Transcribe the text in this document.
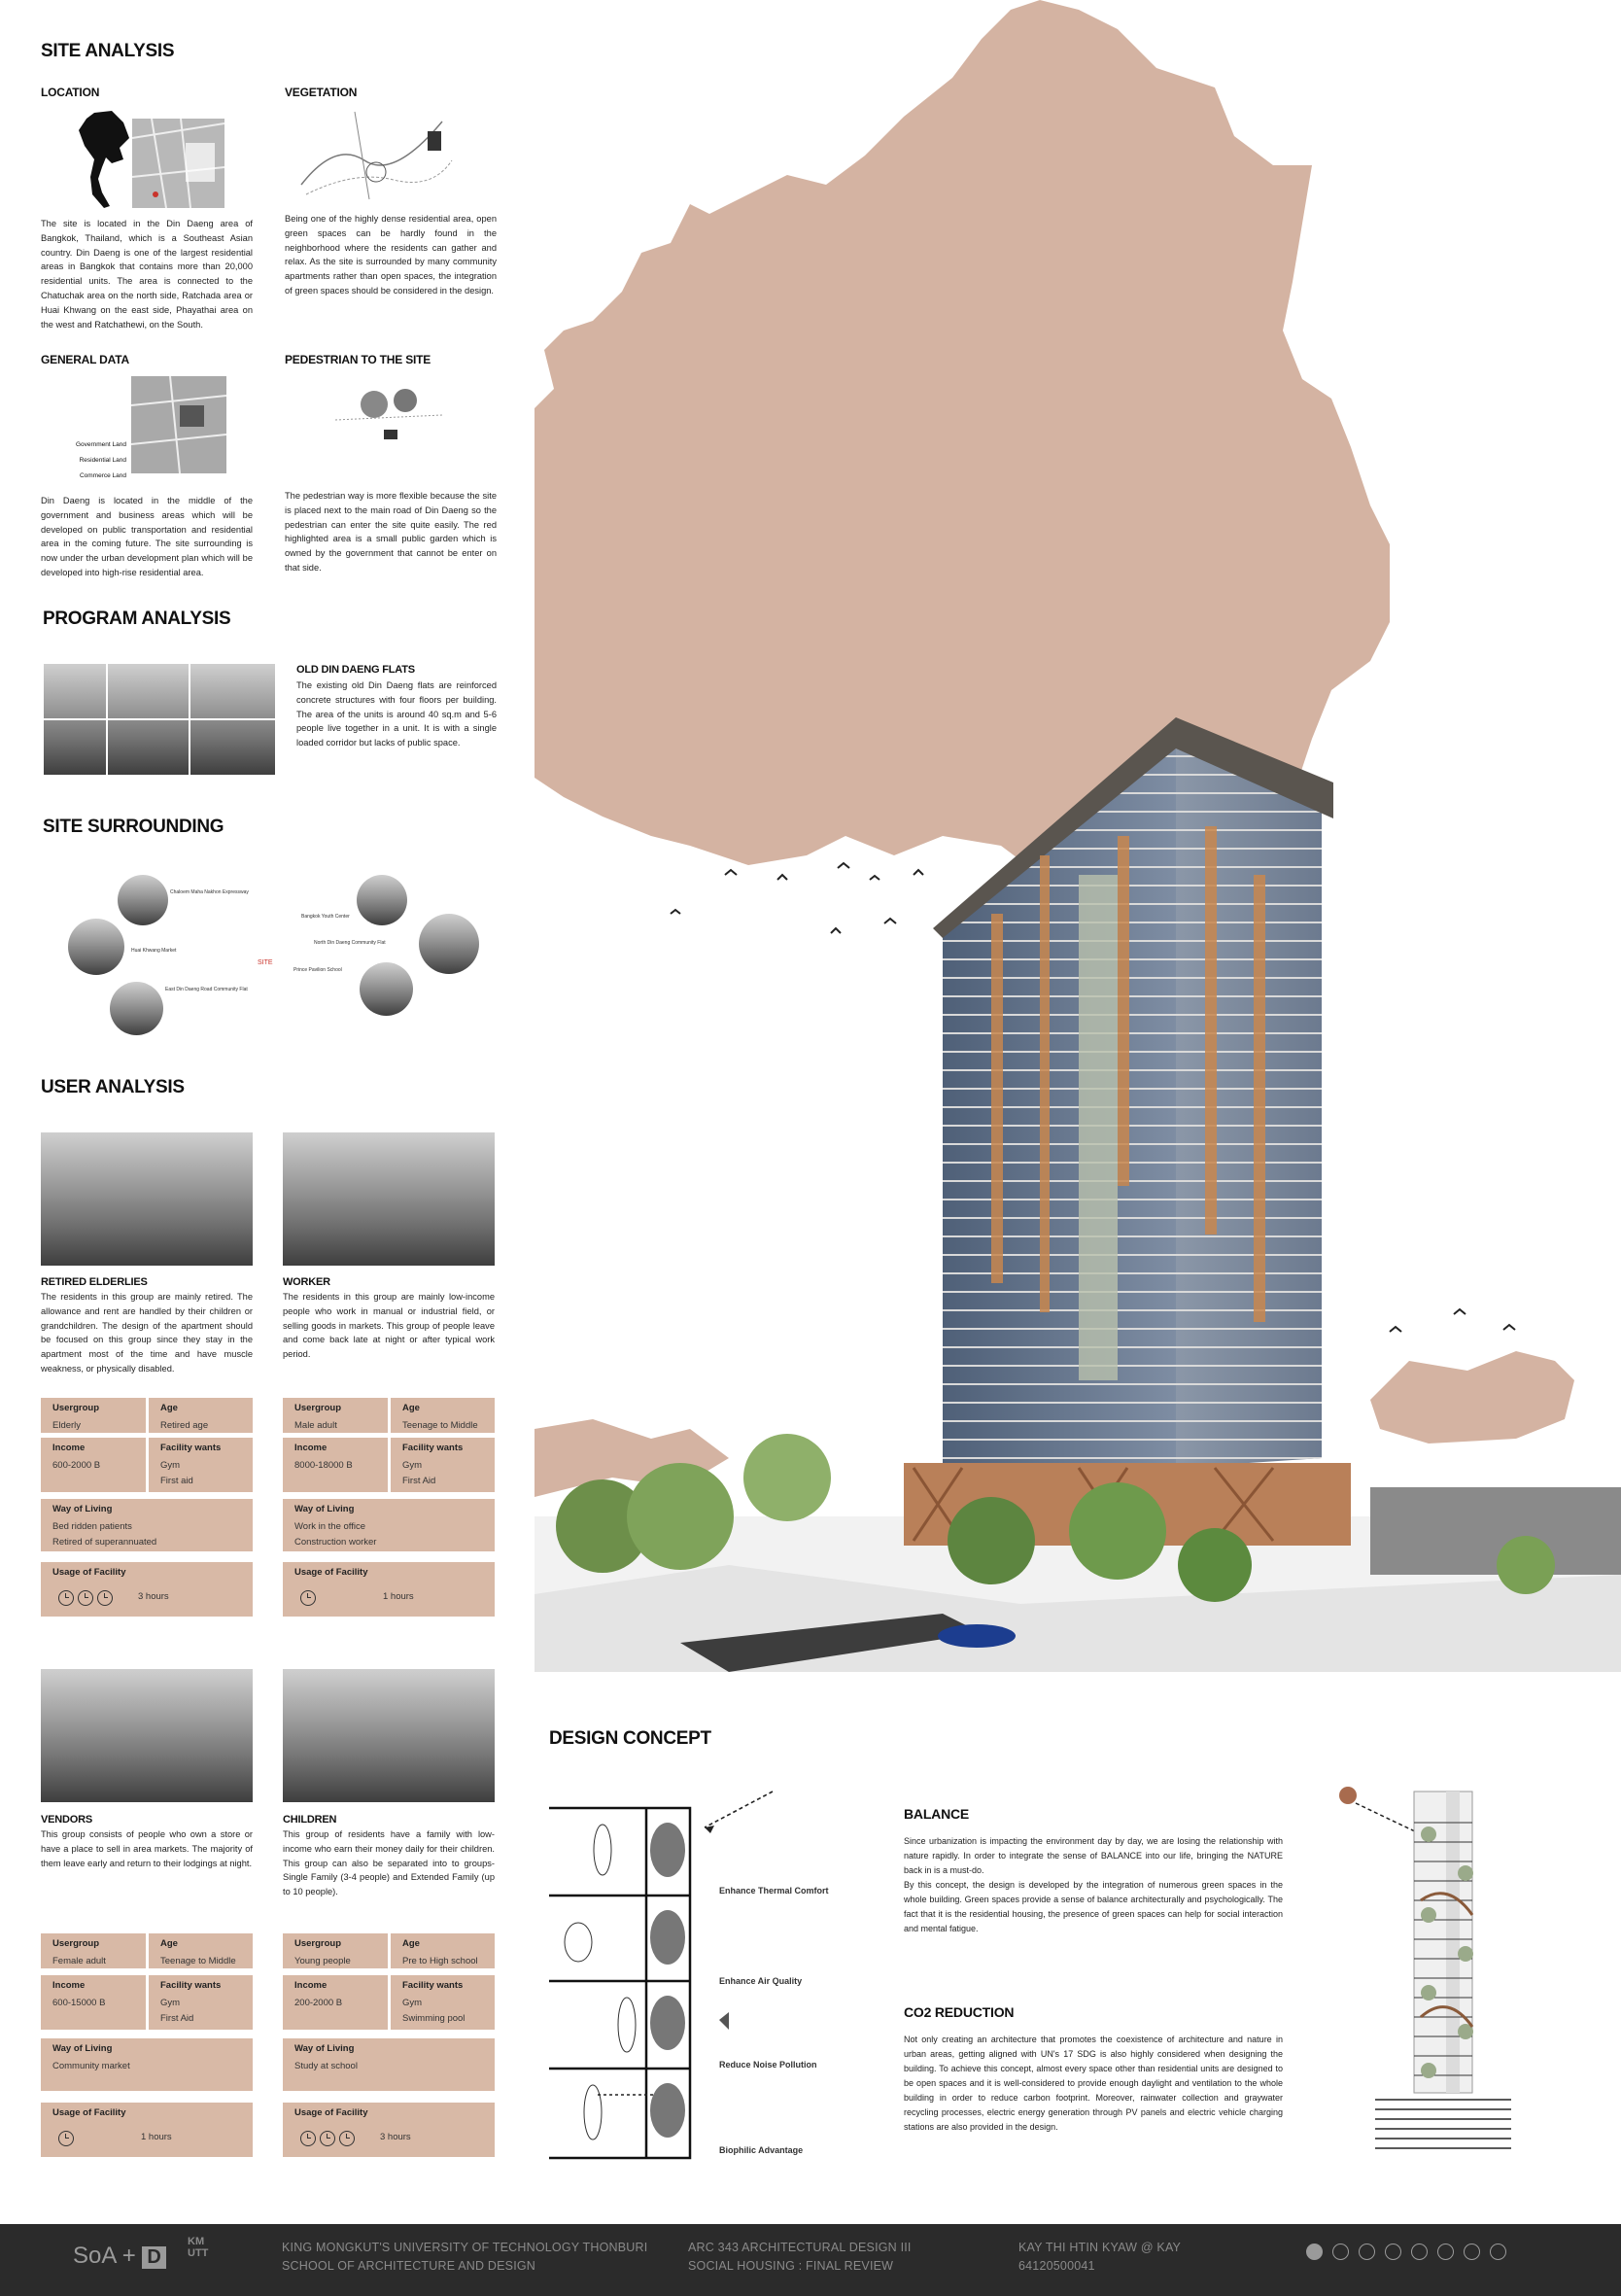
SITE ANALYSIS
LOCATION
The site is located in the Din Daeng area of Bangkok, Thailand, which is a Southeast Asian country. Din Daeng is one of the largest residential areas in Bangkok that contains more than 20,000 residential units. The area is connected to the Chatuchak area on the north side, Ratchada area or Huai Khwang on the east side, Phayathai area on the west and Ratchathewi, on the South.
VEGETATION
Being one of the highly dense residential area, open green spaces can be hardly found in the neighborhood where the residents can gather and relax. As the site is surrounded by many community apartments rather than open spaces, the integration of green spaces should be considered in the design.
GENERAL DATA
Government Land
Residential Land
Commerce Land
Din Daeng is located in the middle of the government and business areas which will be developed on public transportation and residential area in the coming future. The site surrounding is now under the urban development plan which will be developed into high-rise residential area.
PEDESTRIAN TO THE SITE
The pedestrian way is more flexible because the site is placed next to the main road of Din Daeng so the pedestrian can enter the site quite easily. The red highlighted area is a small public garden which is owned by the government that cannot be enter on that side.
PROGRAM ANALYSIS
OLD DIN DAENG FLATS
The existing old Din Daeng flats are reinforced concrete structures with four floors per building. The area of the units is around 40 sq.m and 5-6 people live together in a unit. It is with a single loaded corridor but lacks of public space.
SITE SURROUNDING
SITE
Chaloem Maha Nakhon Expressway
Bangkok Youth Center
Huai Khwang Market
North Din Daeng Community Flat
Prince Pavilion School
East Din Daeng Road Community Flat
USER ANALYSIS
RETIRED ELDERLIES
The residents in this group are mainly retired. The allowance and rent are handled by their children or grandchildren. The design of the apartment should be focused on this group since they stay in the apartment most of the time and have muscle weakness, or physically disabled.
Usergroup
Elderly
Age
Retired age
Income
600-2000 B
Facility wants
Gym
First aid
Way of Living
Bed ridden patients
Retired of superannuated
Usage of Facility
3 hours
WORKER
The residents in this group are mainly low-income people who work in manual or industrial field, or selling goods in markets. This group of people leave and come back late at night or after typical work period.
Usergroup
Male adult
Age
Teenage to Middle
Income
8000-18000 B
Facility wants
Gym
First Aid
Way of Living
Work in the office
Construction worker
Usage of Facility
1 hours
VENDORS
This group consists of people who own a store or have a place to sell in area markets. The majority of them leave early and return to their lodgings at night.
Usergroup
Female adult
Age
Teenage to Middle
Income
600-15000 B
Facility wants
Gym
First Aid
Way of Living
Community market
Usage of Facility
1 hours
CHILDREN
This group of residents have a family with low-income who earn their money daily for their children. This group can also be separated into to groups- Single Family (3-4 people) and Extended Family (up to 10 people).
Usergroup
Young people
Age
Pre to High school
Income
200-2000 B
Facility wants
Gym
Swimming pool
Way of Living
Study at school
Usage of Facility
3 hours
DESIGN CONCEPT
Enhance Thermal Comfort
Enhance Air Quality
Reduce Noise Pollution
Biophilic Advantage
BALANCE
Since urbanization is impacting the environment day by day, we are losing the relationship with nature rapidly. In order to integrate the sense of BALANCE into our life, bringing the NATURE back in is a must-do.
By this concept, the design is developed by the integration of numerous green spaces in the whole building. Green spaces provide a sense of balance architecturally and psychologically. The fact that it is the residential housing, the presence of green spaces can help for social interaction and mental fatigue.
CO2 REDUCTION
Not only creating an architecture that promotes the coexistence of architecture and nature in urban areas, getting aligned with UN's 17 SDG is also highly considered when designing the building. To achieve this concept, almost every space other than residential units are designed to be open spaces and it is well-considered to provide enough daylight and ventilation to the whole building in order to reduce carbon footprint. Moreover, rainwater collection and graywater recycling processes, electric energy generation through PV panels and electric vehicle charging stations are also provided in the design.
SoA + D
KM
UTT	KING MONGKUT'S UNIVERSITY OF TECHNOLOGY THONBURI
SCHOOL OF ARCHITECTURE AND DESIGN
ARC 343 ARCHITECTURAL DESIGN III
SOCIAL HOUSING : FINAL REVIEW
KAY THI HTIN KYAW @ KAY
64120500041
